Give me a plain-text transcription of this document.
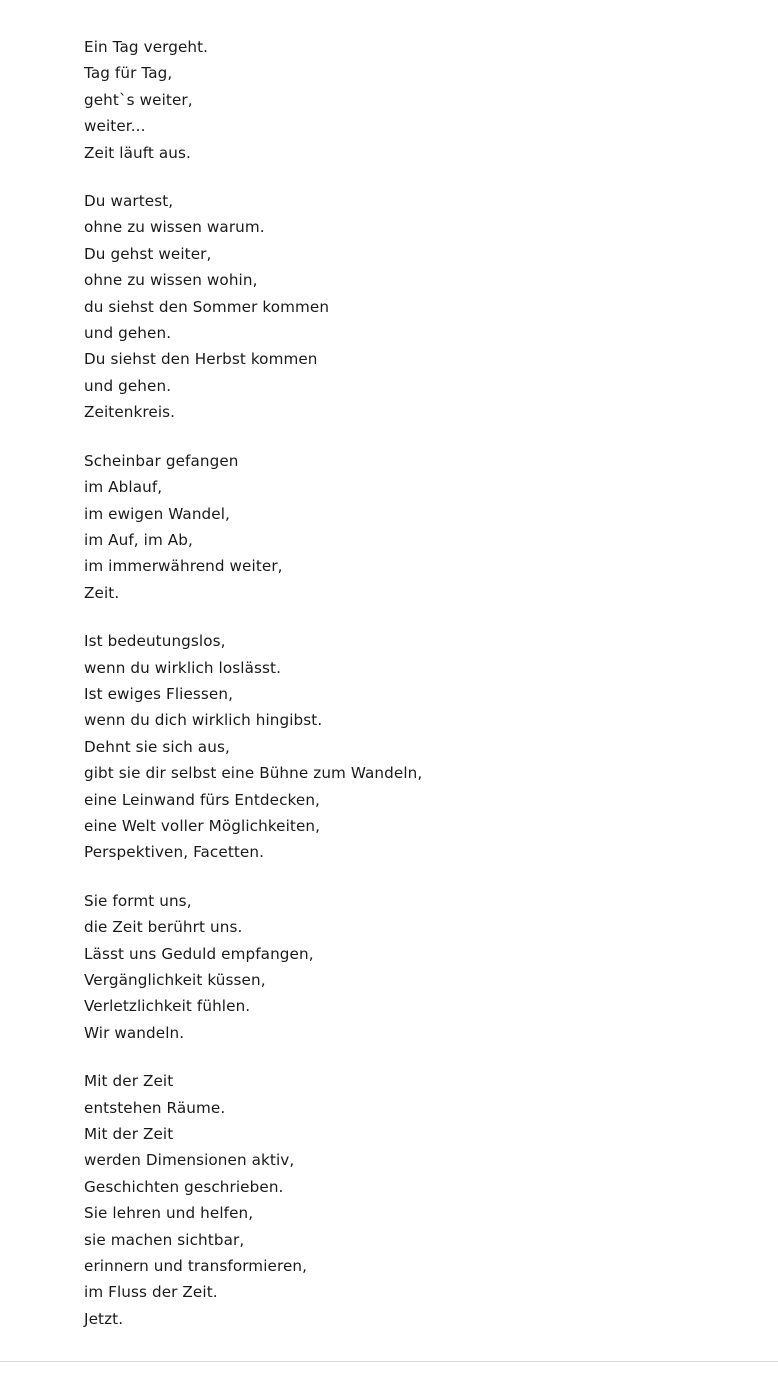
Ein Tag vergeht.
Tag für Tag,
geht`s weiter,
weiter...
Zeit läuft aus.
Du wartest,
ohne zu wissen warum.
Du gehst weiter,
ohne zu wissen wohin,
du siehst den Sommer kommen
und gehen.
Du siehst den Herbst kommen
und gehen.
Zeitenkreis.
Scheinbar gefangen
im Ablauf,
im ewigen Wandel,
im Auf, im Ab,
im immerwährend weiter,
Zeit.
Ist bedeutungslos,
wenn du wirklich loslässt.
Ist ewiges Fliessen,
wenn du dich wirklich hingibst.
Dehnt sie sich aus,
gibt sie dir selbst eine Bühne zum Wandeln,
eine Leinwand fürs Entdecken,
eine Welt voller Möglichkeiten,
Perspektiven, Facetten.
Sie formt uns,
die Zeit berührt uns.
Lässt uns Geduld empfangen,
Vergänglichkeit küssen,
Verletzlichkeit fühlen.
Wir wandeln.
Mit der Zeit
entstehen Räume.
Mit der Zeit
werden Dimensionen aktiv,
Geschichten geschrieben.
Sie lehren und helfen,
sie machen sichtbar,
erinnern und transformieren,
im Fluss der Zeit.
Jetzt.
